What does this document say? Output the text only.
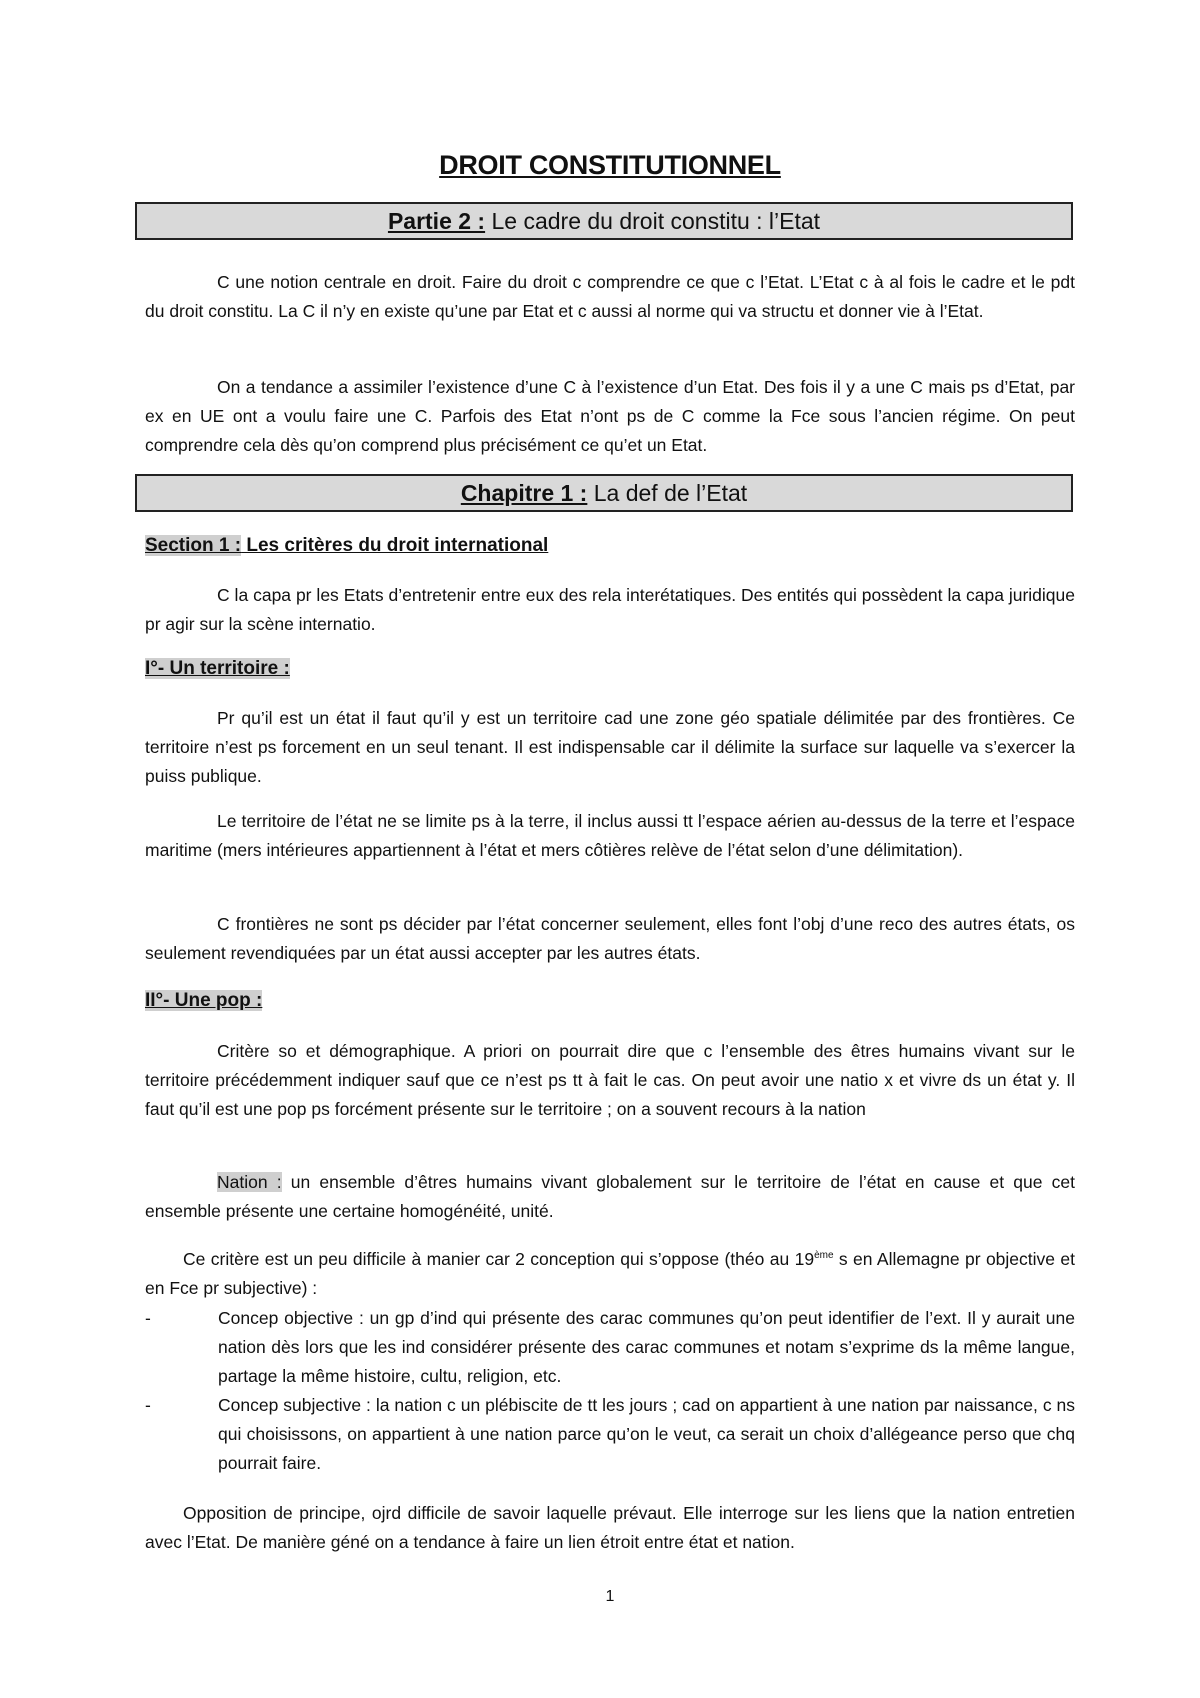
DROIT CONSTITUTIONNEL
Partie 2 : Le cadre du droit constitu : l’Etat

C une notion centrale en droit. Faire du droit c comprendre ce que c l’Etat. L’Etat c à al fois le cadre et le pdt du droit constitu. La C il n’y en existe qu’une par Etat et c aussi al norme qui va structu et donner vie à l’Etat.

On a tendance a assimiler l’existence d’une C à l’existence d’un Etat. Des fois il y a une C mais ps d’Etat, par ex en UE ont a voulu faire une C. Parfois des Etat n’ont ps de C comme la Fce sous l’ancien régime. On peut comprendre cela dès qu’on comprend plus précisément ce qu’et un Etat.

Chapitre 1 : La def de l’Etat
Section 1 : Les critères du droit international

C la capa pr les Etats d’entretenir entre eux des rela interétatiques. Des entités qui possèdent la capa juridique pr agir sur la scène internatio.

I°- Un territoire :

Pr qu’il est un état il faut qu’il y est un territoire cad une zone géo spatiale délimitée par des frontières. Ce territoire n’est ps forcement en un seul tenant. Il est indispensable car il délimite la surface sur laquelle va s’exercer la puiss publique.

Le territoire de l’état ne se limite ps à la terre, il inclus aussi tt l’espace aérien au-dessus de la terre et l’espace maritime (mers intérieures appartiennent à l’état et mers côtières relève de l’état selon d’une délimitation).

C frontières ne sont ps décider par l’état concerner seulement, elles font l’obj d’une reco des autres états, os seulement revendiquées par un état aussi accepter par les autres états.

II°- Une pop :

Critère so et démographique. A priori on pourrait dire que c l’ensemble des êtres humains vivant sur le territoire précédemment indiquer sauf que ce n’est ps tt à fait le cas. On peut avoir une natio x et vivre ds un état y. Il faut qu’il est une pop ps forcément présente sur le territoire ; on a souvent recours à la nation

Nation : un ensemble d’êtres humains vivant globalement sur le territoire de l’état en cause et que cet ensemble présente une certaine homogénéité, unité.

Ce critère est un peu difficile à manier car 2 conception qui s’oppose (théo au 19ème s en Allemagne pr objective et en Fce pr subjective) :

-	Concep objective : un gp d’ind qui présente des carac communes qu’on peut identifier de l’ext. Il y aurait une nation dès lors que les ind considérer présente des carac communes et notam s’exprime ds la même langue, partage la même histoire, cultu, religion, etc.
-	Concep subjective : la nation c un plébiscite de tt les jours ; cad on appartient à une nation par naissance, c ns qui choisissons, on appartient à une nation parce qu’on le veut, ca serait un choix d’allégeance perso que chq pourrait faire.

Opposition de principe, ojrd difficile de savoir laquelle prévaut. Elle interroge sur les liens que la nation entretien avec l’Etat. De manière géné on a tendance à faire un lien étroit entre état et nation.

1
